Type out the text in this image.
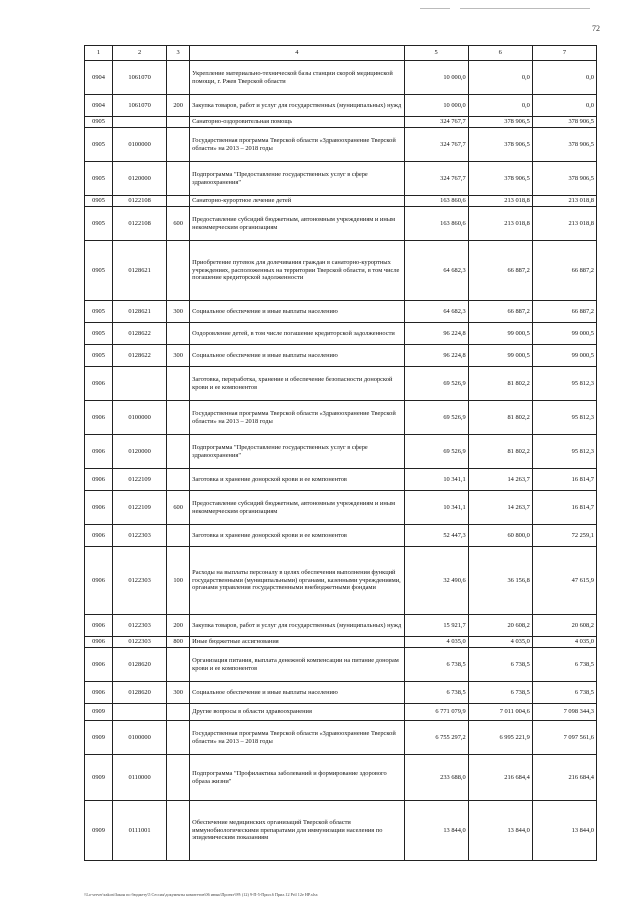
72
1	2	3	4	5	6	7
0904	1061070		Укрепление материально-технической базы станции скорой медицинской помощи, г. Ржев Тверской области	10 000,0	0,0	0,0
0904	1061070	200	Закупка товаров, работ и услуг для государственных (муниципальных) нужд	10 000,0	0,0	0,0
0905			Санаторно-оздоровительная помощь	324 767,7	378 906,5	378 906,5
0905	0100000		Государственная программа Тверской области «Здравоохранение Тверской области» на 2013 – 2018 годы	324 767,7	378 906,5	378 906,5
0905	0120000		Подпрограмма "Предоставление государственных услуг в сфере здравоохранения"	324 767,7	378 906,5	378 906,5
0905	0122108		Санаторно-курортное лечение детей	163 860,6	213 018,8	213 018,8
0905	0122108	600	Предоставление субсидий бюджетным, автономным учреждениям и иным некоммерческим организациям	163 860,6	213 018,8	213 018,8
0905	0128621		Приобретение путевок для долечивания граждан в санаторно-курортных учреждениях, расположенных на территории Тверской области, в том числе погашение кредиторской задолженности	64 682,3	66 887,2	66 887,2
0905	0128621	300	Социальное обеспечение и иные выплаты населению	64 682,3	66 887,2	66 887,2
0905	0128622		Оздоровление детей, в том числе погашение кредиторской задолженности	96 224,8	99 000,5	99 000,5
0905	0128622	300	Социальное обеспечение и иные выплаты населению	96 224,8	99 000,5	99 000,5
0906			Заготовка, переработка, хранение и обеспечение безопасности донорской крови и ее компонентов	69 526,9	81 802,2	95 812,3
0906	0100000		Государственная программа Тверской области «Здравоохранение Тверской области» на 2013 – 2018 годы	69 526,9	81 802,2	95 812,3
0906	0120000		Подпрограмма "Предоставление государственных услуг в сфере здравоохранения"	69 526,9	81 802,2	95 812,3
0906	0122109		Заготовка и хранение донорской крови и ее компонентов	10 341,1	14 263,7	16 814,7
0906	0122109	600	Предоставление субсидий бюджетным, автономным учреждениям и иным некоммерческим организациям	10 341,1	14 263,7	16 814,7
0906	0122303		Заготовка и хранение донорской крови и ее компонентов	52 447,3	60 800,0	72 259,1
0906	0122303	100	Расходы на выплаты персоналу в целях обеспечения выполнения функций государственными (муниципальными) органами, казенными учреждениями, органами управления государственными внебюджетными фондами	32 490,6	36 156,8	47 615,9
0906	0122303	200	Закупка товаров, работ и услуг для государственных (муниципальных) нужд	15 921,7	20 608,2	20 608,2
0906	0122303	800	Иные бюджетные ассигнования	4 035,0	4 035,0	4 035,0
0906	0128620		Организация питания, выплата денежной компенсации на питание донорам крови и ее компонентов	6 738,5	6 738,5	6 738,5
0906	0128620	300	Социальное обеспечение и иные выплаты населению	6 738,5	6 738,5	6 738,5
0909			Другие вопросы в области здравоохранения	6 771 079,9	7 011 004,6	7 098 344,3
0909	0100000		Государственная программа Тверской области «Здравоохранение Тверской области» на 2013 – 2018 годы	6 755 297,2	6 995 221,9	7 097 561,6
0909	0110000		Подпрограмма "Профилактика заболеваний и формирование здорового образа жизни"	233 688,0	216 684,4	216 684,4
0909	0111001		Обеспечение медицинских организаций Тверской области иммунобиологическими препаратами для иммунизации населения по эпидемическим показаниям	13 844,0	13 844,0	13 844,0
\\Lo-server\zakon\Закон по бюджету\5 Сессия\документы комитетов\06 июнь\Проект\99\ (12) 9-П-5-Прил.6 Прил.12 Pril 12e НР.xlsx
